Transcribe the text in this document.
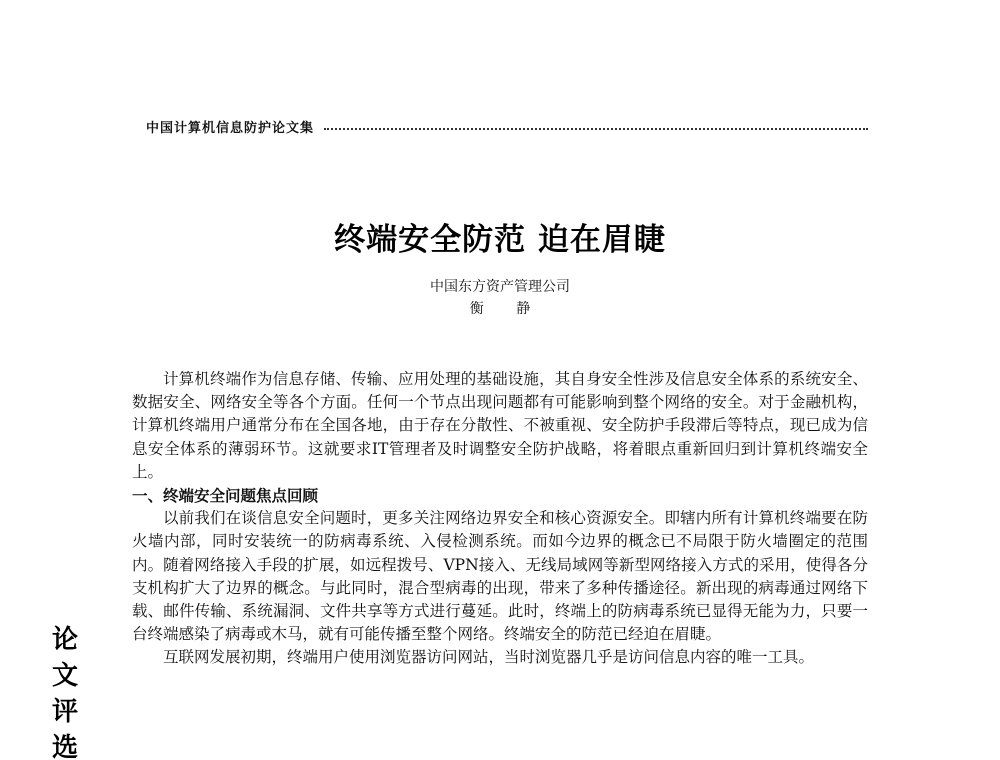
中国计算机信息防护论文集
终端安全防范 迫在眉睫
中国东方资产管理公司
衡 静

计算机终端作为信息存储、传输、应用处理的基础设施，其自身安全性涉及信息安全体系的系统安全、数据安全、网络安全等各个方面。任何一个节点出现问题都有可能影响到整个网络的安全。对于金融机构，计算机终端用户通常分布在全国各地，由于存在分散性、不被重视、安全防护手段滞后等特点，现已成为信息安全体系的薄弱环节。这就要求IT管理者及时调整安全防护战略，将着眼点重新回归到计算机终端安全上。

一、终端安全问题焦点回顾

以前我们在谈信息安全问题时，更多关注网络边界安全和核心资源安全。即辖内所有计算机终端要在防火墙内部，同时安装统一的防病毒系统、入侵检测系统。而如今边界的概念已不局限于防火墙圈定的范围内。随着网络接入手段的扩展，如远程拨号、VPN接入、无线局域网等新型网络接入方式的采用，使得各分支机构扩大了边界的概念。与此同时，混合型病毒的出现，带来了多种传播途径。新出现的病毒通过网络下载、邮件传输、系统漏洞、文件共享等方式进行蔓延。此时，终端上的防病毒系统已显得无能为力，只要一台终端感染了病毒或木马，就有可能传播至整个网络。终端安全的防范已经迫在眉睫。

互联网发展初期，终端用户使用浏览器访问网站，当时浏览器几乎是访问信息内容的唯一工具。

论
文
评
选
